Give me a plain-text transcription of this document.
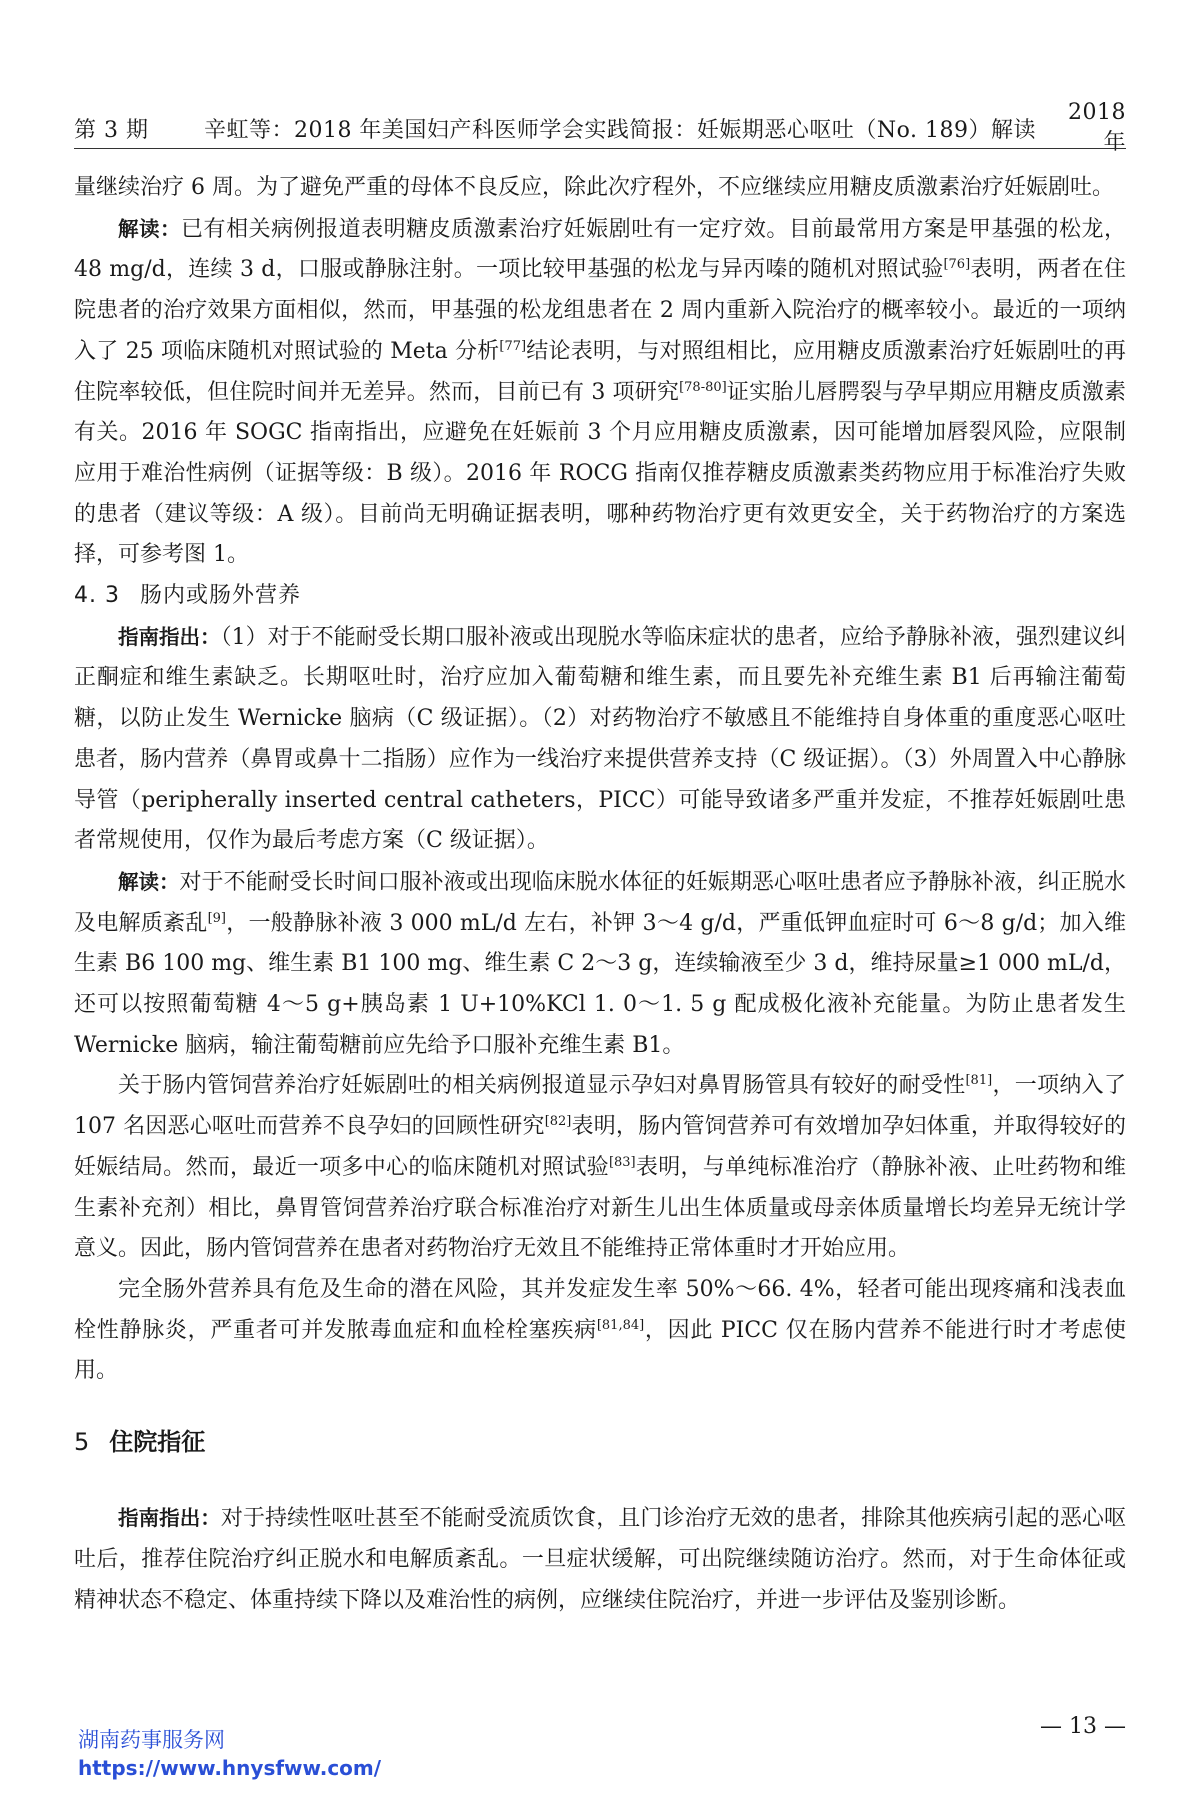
第 3 期	辛虹等：2018 年美国妇产科医师学会实践简报：妊娠期恶心呕吐（No. 189）解读
2018 年

量继续治疗 6 周。为了避免严重的母体不良反应，除此次疗程外，不应继续应用糖皮质激素治疗妊娠剧吐。

解读：已有相关病例报道表明糖皮质激素治疗妊娠剧吐有一定疗效。目前最常用方案是甲基强的松龙，48 mg/d，连续 3 d，口服或静脉注射。一项比较甲基强的松龙与异丙嗪的随机对照试验[76]表明，两者在住院患者的治疗效果方面相似，然而，甲基强的松龙组患者在 2 周内重新入院治疗的概率较小。最近的一项纳入了 25 项临床随机对照试验的 Meta 分析[77]结论表明，与对照组相比，应用糖皮质激素治疗妊娠剧吐的再住院率较低，但住院时间并无差异。然而，目前已有 3 项研究[78-80]证实胎儿唇腭裂与孕早期应用糖皮质激素有关。2016 年 SOGC 指南指出，应避免在妊娠前 3 个月应用糖皮质激素，因可能增加唇裂风险，应限制应用于难治性病例（证据等级：B 级）。2016 年 ROCG 指南仅推荐糖皮质激素类药物应用于标准治疗失败的患者（建议等级：A 级）。目前尚无明确证据表明，哪种药物治疗更有效更安全，关于药物治疗的方案选择，可参考图 1。

4. 3 肠内或肠外营养

指南指出：（1）对于不能耐受长期口服补液或出现脱水等临床症状的患者，应给予静脉补液，强烈建议纠正酮症和维生素缺乏。长期呕吐时，治疗应加入葡萄糖和维生素，而且要先补充维生素 B1 后再输注葡萄糖，以防止发生 Wernicke 脑病（C 级证据）。（2）对药物治疗不敏感且不能维持自身体重的重度恶心呕吐患者，肠内营养（鼻胃或鼻十二指肠）应作为一线治疗来提供营养支持（C 级证据）。（3）外周置入中心静脉导管（peripherally inserted central catheters，PICC）可能导致诸多严重并发症，不推荐妊娠剧吐患者常规使用，仅作为最后考虑方案（C 级证据）。

解读：对于不能耐受长时间口服补液或出现临床脱水体征的妊娠期恶心呕吐患者应予静脉补液，纠正脱水及电解质紊乱[9]，一般静脉补液 3 000 mL/d 左右，补钾 3～4 g/d，严重低钾血症时可 6～8 g/d；加入维生素 B6 100 mg、维生素 B1 100 mg、维生素 C 2～3 g，连续输液至少 3 d，维持尿量≥1 000 mL/d，还可以按照葡萄糖 4～5 g+胰岛素 1 U+10%KCl 1. 0～1. 5 g 配成极化液补充能量。为防止患者发生 Wernicke 脑病，输注葡萄糖前应先给予口服补充维生素 B1。

关于肠内管饲营养治疗妊娠剧吐的相关病例报道显示孕妇对鼻胃肠管具有较好的耐受性[81]，一项纳入了 107 名因恶心呕吐而营养不良孕妇的回顾性研究[82]表明，肠内管饲营养可有效增加孕妇体重，并取得较好的妊娠结局。然而，最近一项多中心的临床随机对照试验[83]表明，与单纯标准治疗（静脉补液、止吐药物和维生素补充剂）相比，鼻胃管饲营养治疗联合标准治疗对新生儿出生体质量或母亲体质量增长均差异无统计学意义。因此，肠内管饲营养在患者对药物治疗无效且不能维持正常体重时才开始应用。

完全肠外营养具有危及生命的潜在风险，其并发症发生率 50%～66. 4%，轻者可能出现疼痛和浅表血栓性静脉炎，严重者可并发脓毒血症和血栓栓塞疾病[81,84]，因此 PICC 仅在肠内营养不能进行时才考虑使用。

5 住院指征

指南指出：对于持续性呕吐甚至不能耐受流质饮食，且门诊治疗无效的患者，排除其他疾病引起的恶心呕吐后，推荐住院治疗纠正脱水和电解质紊乱。一旦症状缓解，可出院继续随访治疗。然而，对于生命体征或精神状态不稳定、体重持续下降以及难治性的病例，应继续住院治疗，并进一步评估及鉴别诊断。

— 13 —
湖南药事服务网
https://www.hnysfww.com/
